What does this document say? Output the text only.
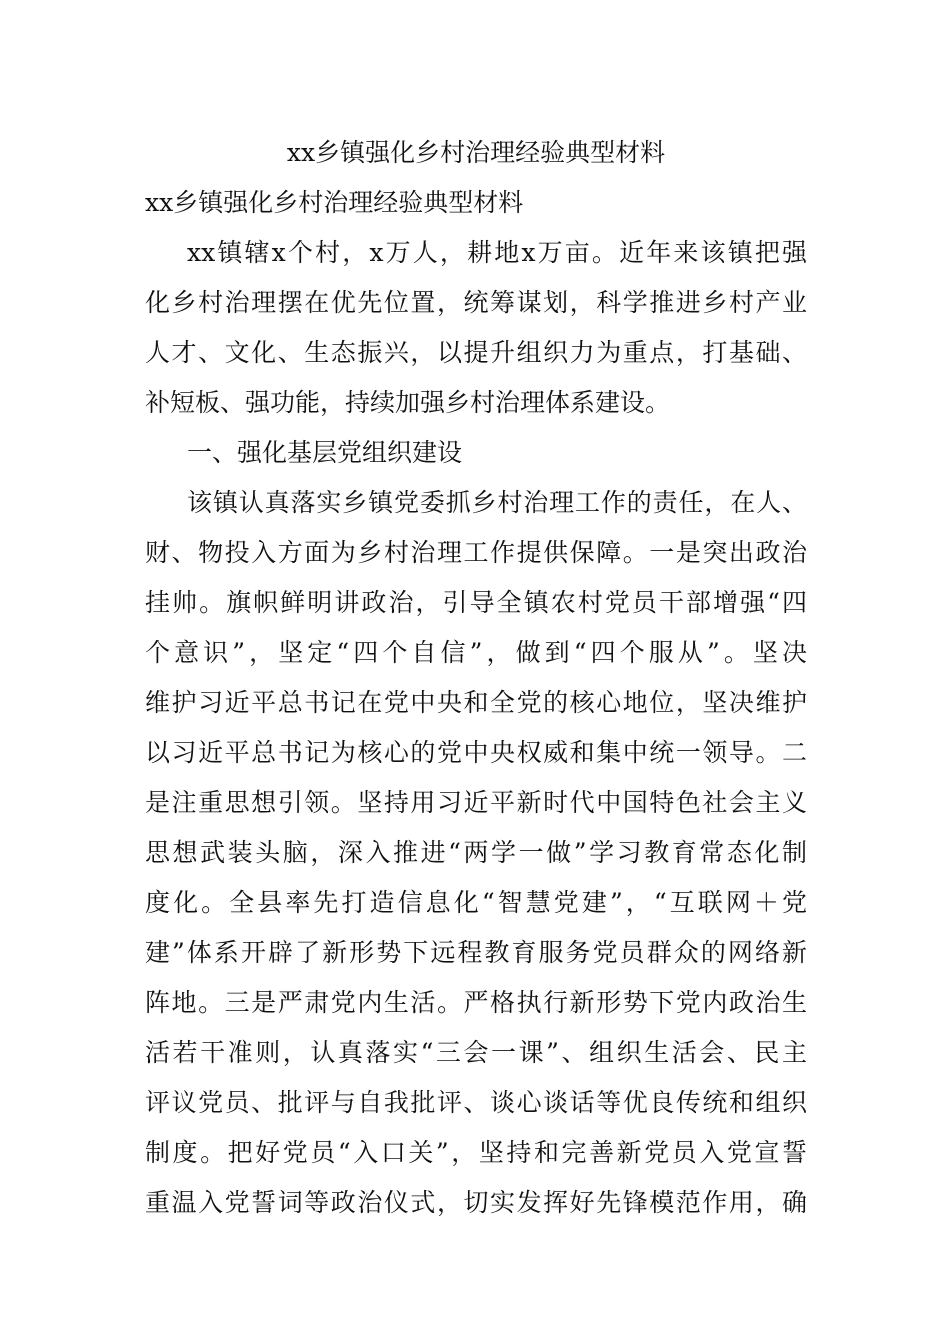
xx乡镇强化乡村治理经验典型材料
xx乡镇强化乡村治理经验典型材料
xx镇辖x个村，x万人，耕地x万亩。近年来该镇把强
化乡村治理摆在优先位置，统筹谋划，科学推进乡村产业
人才、文化、生态振兴，以提升组织力为重点，打基础、
补短板、强功能，持续加强乡村治理体系建设。
一、强化基层党组织建设
该镇认真落实乡镇党委抓乡村治理工作的责任，在人、
财、物投入方面为乡村治理工作提供保障。一是突出政治
挂帅。旗帜鲜明讲政治，引导全镇农村党员干部增强“四
个意识”，坚定“四个自信”，做到“四个服从”。坚决
维护习近平总书记在党中央和全党的核心地位，坚决维护
以习近平总书记为核心的党中央权威和集中统一领导。二
是注重思想引领。坚持用习近平新时代中国特色社会主义
思想武装头脑，深入推进“两学一做”学习教育常态化制
度化。全县率先打造信息化“智慧党建”，“互联网＋党
建”体系开辟了新形势下远程教育服务党员群众的网络新
阵地。三是严肃党内生活。严格执行新形势下党内政治生
活若干准则，认真落实“三会一课”、组织生活会、民主
评议党员、批评与自我批评、谈心谈话等优良传统和组织
制度。把好党员“入口关”，坚持和完善新党员入党宣誓
重温入党誓词等政治仪式，切实发挥好先锋模范作用，确
